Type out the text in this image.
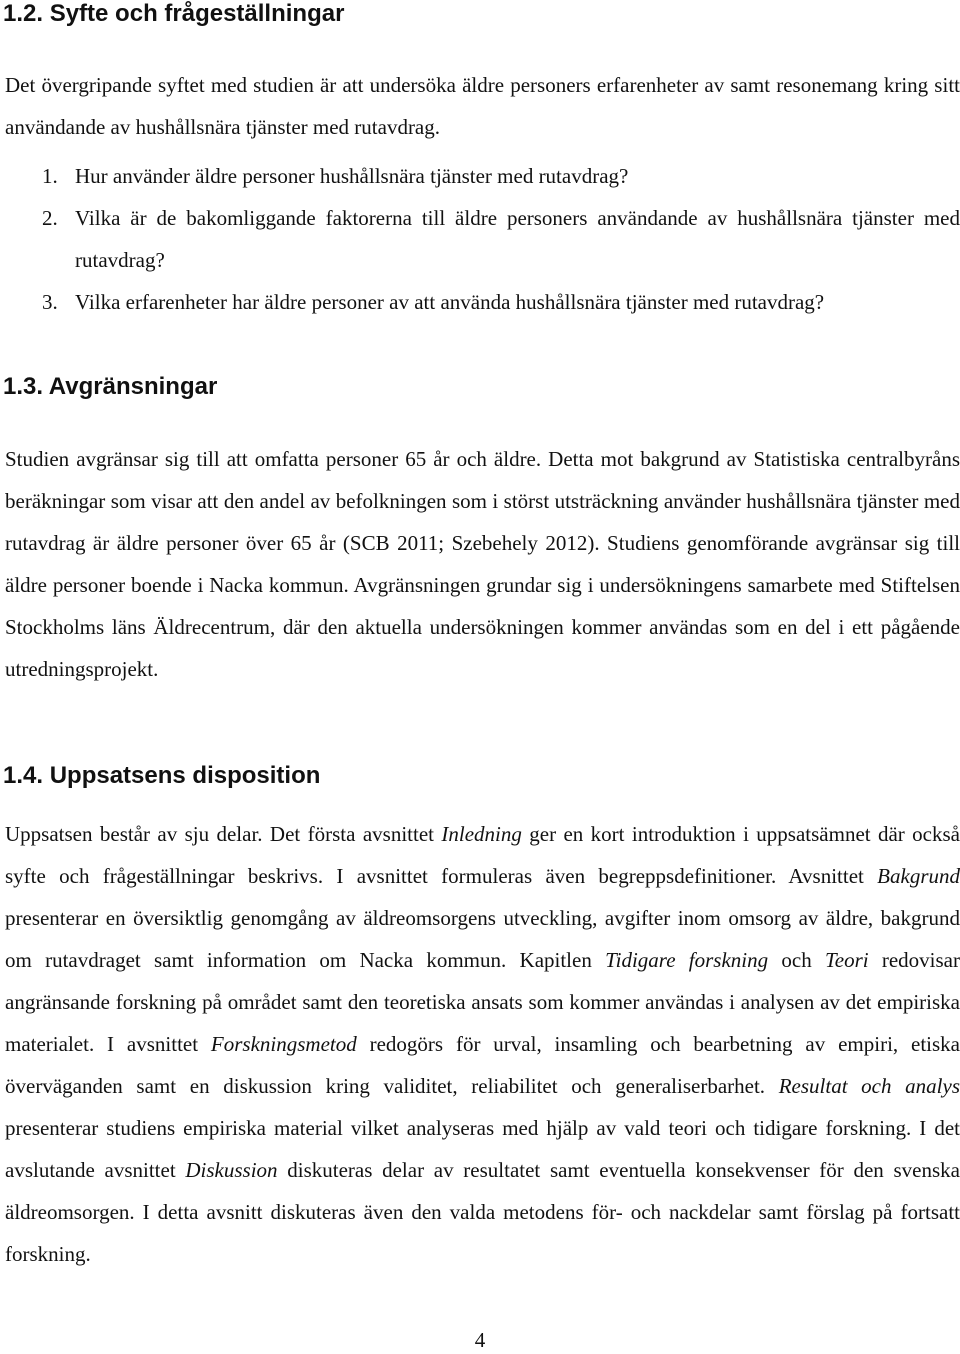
1.2. Syfte och frågeställningar

Det övergripande syftet med studien är att undersöka äldre personers erfarenheter av samt resonemang kring sitt användande av hushållsnära tjänster med rutavdrag.

1. Hur använder äldre personer hushållsnära tjänster med rutavdrag?
2. Vilka är de bakomliggande faktorerna till äldre personers användande av hushållsnära tjänster med rutavdrag?
3. Vilka erfarenheter har äldre personer av att använda hushållsnära tjänster med rutavdrag?
1.3. Avgränsningar

Studien avgränsar sig till att omfatta personer 65 år och äldre. Detta mot bakgrund av Statistiska centralbyråns beräkningar som visar att den andel av befolkningen som i störst utsträckning använder hushållsnära tjänster med rutavdrag är äldre personer över 65 år (SCB 2011; Szebehely 2012). Studiens genomförande avgränsar sig till äldre personer boende i Nacka kommun. Avgränsningen grundar sig i undersökningens samarbete med Stiftelsen Stockholms läns Äldrecentrum, där den aktuella undersökningen kommer användas som en del i ett pågående utredningsprojekt.

1.4. Uppsatsens disposition

Uppsatsen består av sju delar. Det första avsnittet Inledning ger en kort introduktion i uppsatsämnet där också syfte och frågeställningar beskrivs. I avsnittet formuleras även begreppsdefinitioner. Avsnittet Bakgrund presenterar en översiktlig genomgång av äldreomsorgens utveckling, avgifter inom omsorg av äldre, bakgrund om rutavdraget samt information om Nacka kommun. Kapitlen Tidigare forskning och Teori redovisar angränsande forskning på området samt den teoretiska ansats som kommer användas i analysen av det empiriska materialet. I avsnittet Forskningsmetod redogörs för urval, insamling och bearbetning av empiri, etiska överväganden samt en diskussion kring validitet, reliabilitet och generaliserbarhet. Resultat och analys presenterar studiens empiriska material vilket analyseras med hjälp av vald teori och tidigare forskning. I det avslutande avsnittet Diskussion diskuteras delar av resultatet samt eventuella konsekvenser för den svenska äldreomsorgen. I detta avsnitt diskuteras även den valda metodens för- och nackdelar samt förslag på fortsatt forskning.

4
